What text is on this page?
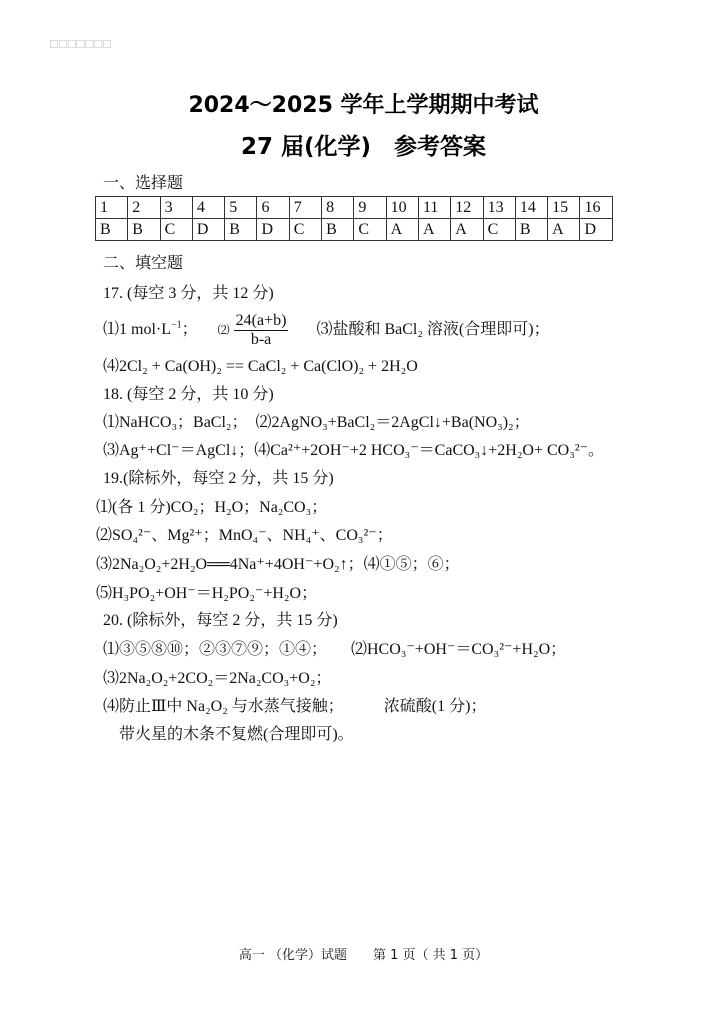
□□□□□□□
2024～2025 学年上学期期中考试
27 届(化学)　参考答案
一、选择题
1	2	3	4	5	6	7	8	9	10	11	12	13	14	15	16
B	B	C	D	B	D	C	B	C	A	A	A	C	B	A	D
二、填空题
17. (每空 3 分，共 12 分)
⑴1 $mol\cdot L^{-1}$； ⑵ $\frac{24(a+b)}{b-a}$ ⑶盐酸和 BaCl₂ 溶液(合理即可)；
⑷2Cl₂ + Ca(OH)₂ == CaCl₂ + Ca(ClO)₂ + 2H₂O
18. (每空 2 分，共 10 分)
⑴NaHCO₃；BaCl₂；　⑵2AgNO₃+BaCl₂＝2AgCl↓+Ba(NO₃)₂；
⑶Ag⁺+Cl⁻＝AgCl↓；⑷Ca²⁺+2OH⁻+2 HCO₃⁻＝CaCO₃↓+2H₂O+ CO₃²⁻。
19.(除标外，每空 2 分，共 15 分)
⑴(各 1 分)CO₂；H₂O；Na₂CO₃；
⑵SO₄²⁻、Mg²⁺；MnO₄⁻、NH₄⁺、CO₃²⁻；
⑶2Na₂O₂+2H₂O══4Na⁺+4OH⁻+O₂↑；⑷①⑤；⑥；
⑸H₃PO₂+OH⁻＝H₂PO₂⁻+H₂O；
20. (除标外，每空 2 分，共 15 分)
⑴③⑤⑧⑩；②③⑦⑨；①④；　　⑵HCO₃⁻+OH⁻＝CO₃²⁻+H₂O；
⑶2Na₂O₂+2CO₂＝2Na₂CO₃+O₂；
⑷防止Ⅲ中 Na₂O₂ 与水蒸气接触；　　　浓硫酸(1 分)；
带火星的木条不复燃(合理即可)。
高一 （化学）试题　　第 1 页（ 共 1 页）
